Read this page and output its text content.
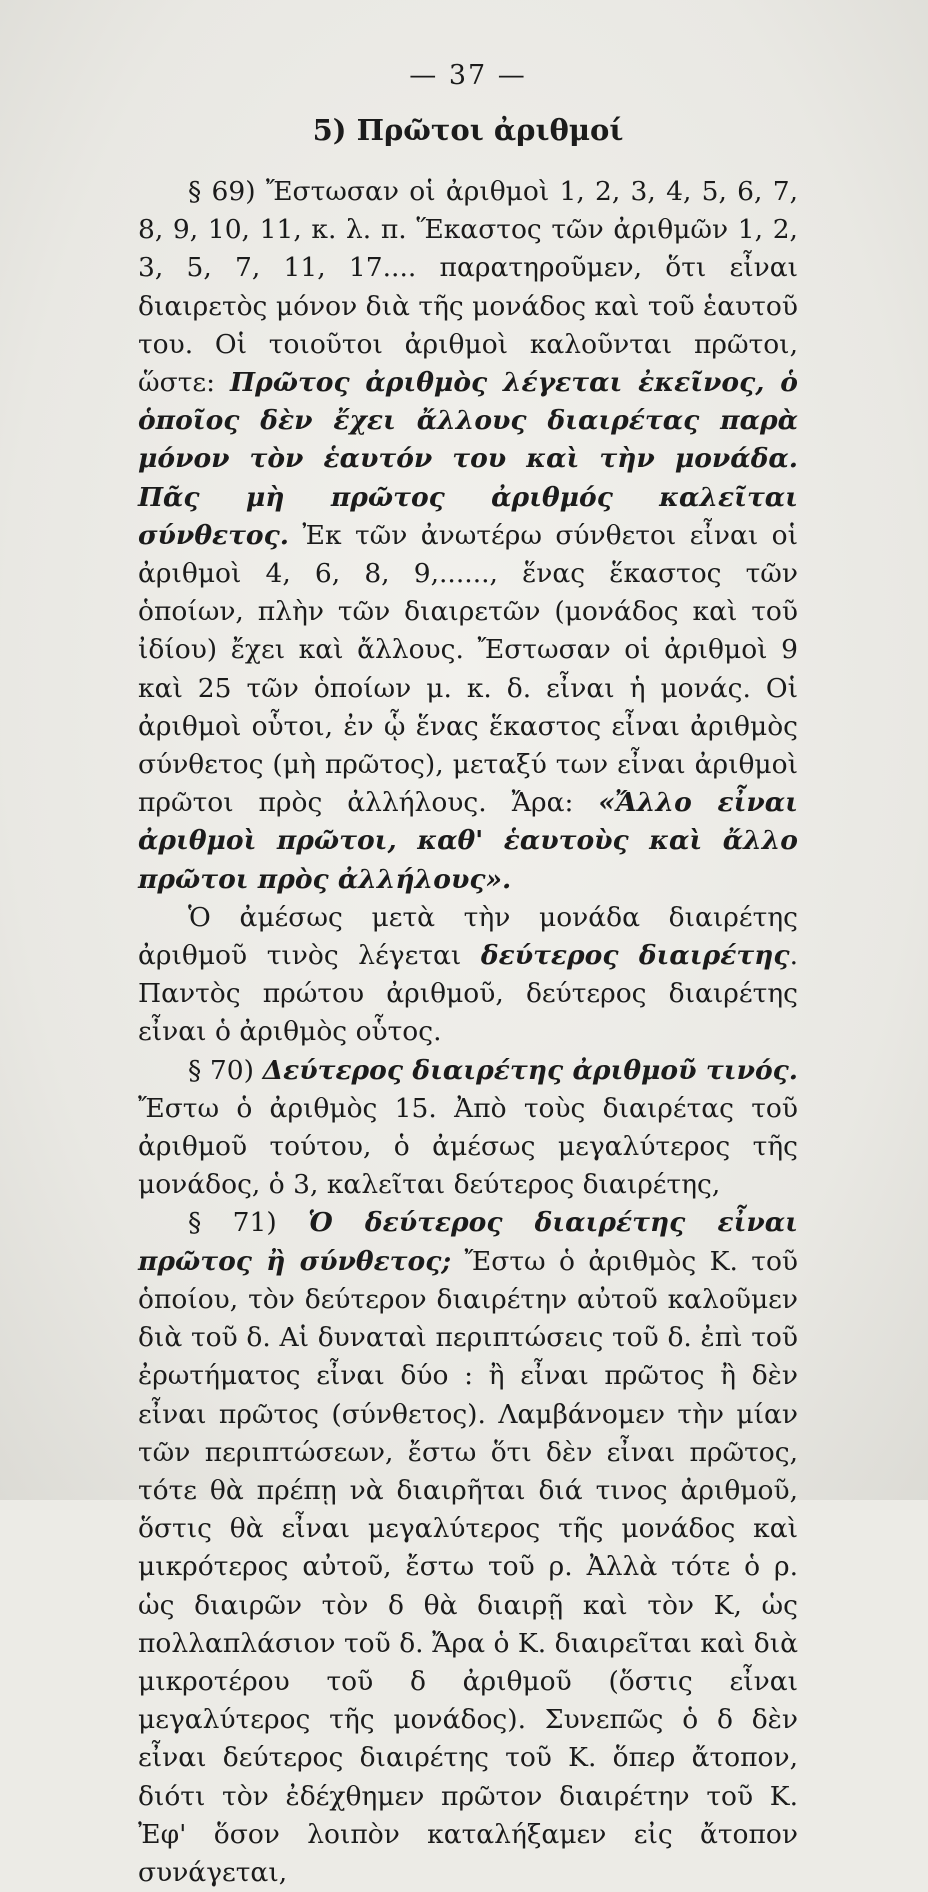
— 37 —
5) Πρῶτοι ἀριθμοί

§ 69) Ἔστωσαν οἱ ἀριθμοὶ 1, 2, 3, 4, 5, 6, 7, 8, 9, 10, 11, κ. λ. π. Ἕκαστος τῶν ἀριθμῶν 1, 2, 3, 5, 7, 11, 17.... παρατηροῦμεν, ὅτι εἶναι διαιρετὸς μόνον διὰ τῆς μονάδος καὶ τοῦ ἑαυτοῦ του. Οἱ τοιοῦτοι ἀριθμοὶ καλοῦνται πρῶτοι, ὥστε: Πρῶτος ἀριθμὸς λέγεται ἐκεῖνος, ὁ ὁποῖος δὲν ἔχει ἄλλους διαιρέτας παρὰ μόνον τὸν ἑαυτόν του καὶ τὴν μονάδα. Πᾶς μὴ πρῶτος ἀριθμός καλεῖται σύνθετος. Ἐκ τῶν ἀνωτέρω σύνθετοι εἶναι οἱ ἀριθμοὶ 4, 6, 8, 9,......, ἕνας ἕκαστος τῶν ὁποίων, πλὴν τῶν διαιρετῶν (μονάδος καὶ τοῦ ἰδίου) ἔχει καὶ ἄλλους. Ἔστωσαν οἱ ἀριθμοὶ 9 καὶ 25 τῶν ὁποίων μ. κ. δ. εἶναι ἡ μονάς. Οἱ ἀριθμοὶ οὗτοι, ἐν ᾧ ἕνας ἕκαστος εἶναι ἀριθμὸς σύνθετος (μὴ πρῶτος), μεταξύ των εἶναι ἀριθμοὶ πρῶτοι πρὸς ἀλλήλους. Ἄρα: «Ἄλλο εἶναι ἀριθμοὶ πρῶτοι, καθ' ἑαυτοὺς καὶ ἄλλο πρῶτοι πρὸς ἀλλήλους».

Ὁ ἀμέσως μετὰ τὴν μονάδα διαιρέτης ἀριθμοῦ τινὸς λέγεται δεύτερος διαιρέτης. Παντὸς πρώτου ἀριθμοῦ, δεύτερος διαιρέτης εἶναι ὁ ἀριθμὸς οὗτος.

§ 70) Δεύτερος διαιρέτης ἀριθμοῦ τινός. Ἔστω ὁ ἀριθμὸς 15. Ἀπὸ τοὺς διαιρέτας τοῦ ἀριθμοῦ τούτου, ὁ ἀμέσως μεγαλύτερος τῆς μονάδος, ὁ 3, καλεῖται δεύτερος διαιρέτης,

§ 71) Ὁ δεύτερος διαιρέτης εἶναι πρῶτος ἢ σύνθετος; Ἔστω ὁ ἀριθμὸς Κ. τοῦ ὁποίου, τὸν δεύτερον διαιρέτην αὐτοῦ καλοῦμεν διὰ τοῦ δ. Αἱ δυναταὶ περιπτώσεις τοῦ δ. ἐπὶ τοῦ ἐρωτήματος εἶναι δύο : ἢ εἶναι πρῶτος ἢ δὲν εἶναι πρῶτος (σύνθετος). Λαμβάνομεν τὴν μίαν τῶν περιπτώσεων, ἔστω ὅτι δὲν εἶναι πρῶτος, τότε θὰ πρέπῃ νὰ διαιρῆται διά τινος ἀριθμοῦ, ὅστις θὰ εἶναι μεγαλύτερος τῆς μονάδος καὶ μικρότερος αὐτοῦ, ἔστω τοῦ ρ. Ἀλλὰ τότε ὁ ρ. ὡς διαιρῶν τὸν δ θὰ διαιρῇ καὶ τὸν Κ, ὡς πολλαπλάσιον τοῦ δ. Ἄρα ὁ Κ. διαιρεῖται καὶ διὰ μικροτέρου τοῦ δ ἀριθμοῦ (ὅστις εἶναι μεγαλύτερος τῆς μονάδος). Συνεπῶς ὁ δ δὲν εἶναι δεύτερος διαιρέτης τοῦ Κ. ὅπερ ἄτοπον, διότι τὸν ἐδέχθημεν πρῶτον διαιρέτην τοῦ Κ. Ἐφ' ὅσον λοιπὸν καταλήξαμεν εἰς ἄτοπον συνάγεται,
